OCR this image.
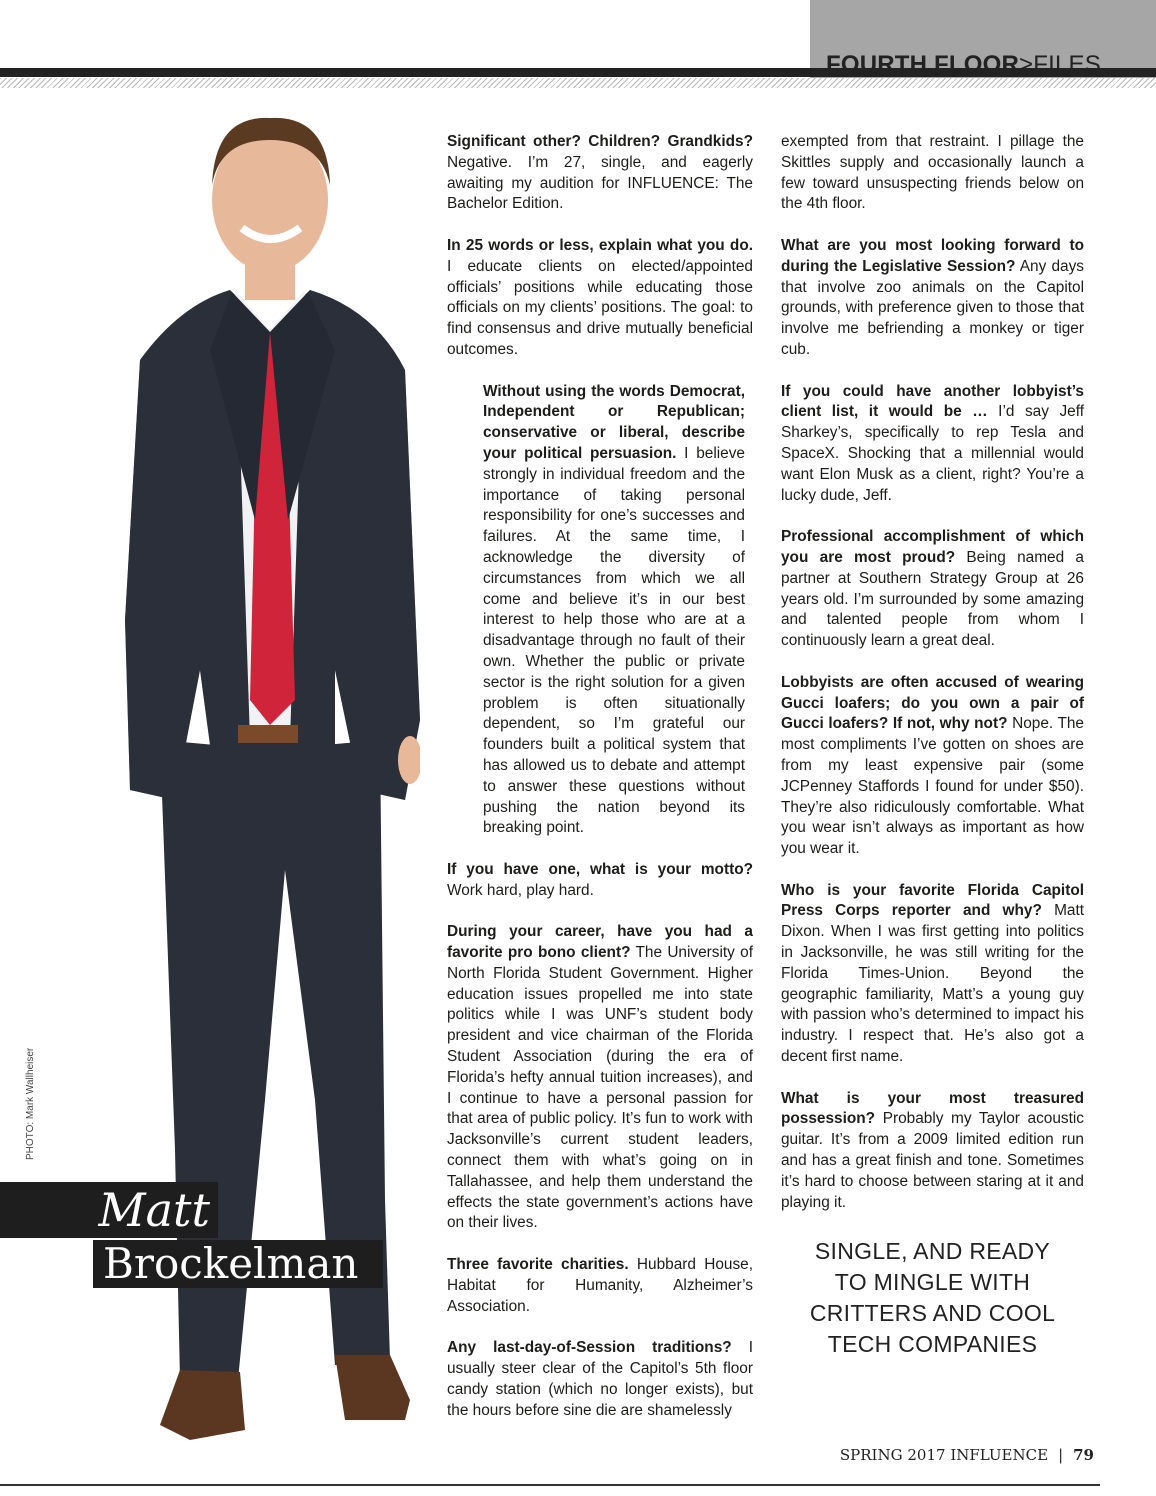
FOURTH FLOOR>FILES
PHOTO: Mark Wallheiser
Matt
Brockelman

Significant other? Children? Grandkids? Negative. I’m 27, single, and eagerly awaiting my audition for INFLUENCE: The Bachelor Edition.

In 25 words or less, explain what you do. I educate clients on elected/appointed officials’ positions while educating those officials on my clients’ positions. The goal: to find consensus and drive mutually beneficial outcomes.

Without using the words Democrat, Independent or Republican; conservative or liberal, describe your political persuasion. I believe strongly in individual freedom and the importance of taking personal responsibility for one’s successes and failures. At the same time, I acknowledge the diversity of circumstances from which we all come and believe it’s in our best interest to help those who are at a disadvantage through no fault of their own. Whether the public or private sector is the right solution for a given problem is often situationally dependent, so I’m grateful our founders built a political system that has allowed us to debate and attempt to answer these questions without pushing the nation beyond its breaking point.

If you have one, what is your motto? Work hard, play hard.

During your career, have you had a favorite pro bono client? The University of North Florida Student Government. Higher education issues propelled me into state politics while I was UNF’s student body president and vice chairman of the Florida Student Association (during the era of Florida’s hefty annual tuition increases), and I continue to have a personal passion for that area of public policy. It’s fun to work with Jacksonville’s current student leaders, connect them with what’s going on in Tallahassee, and help them understand the effects the state government’s actions have on their lives.

Three favorite charities. Hubbard House, Habitat for Humanity, Alzheimer’s Association.

Any last-day-of-Session traditions? I usually steer clear of the Capitol’s 5th floor candy station (which no longer exists), but the hours before sine die are shamelessly

exempted from that restraint. I pillage the Skittles supply and occasionally launch a few toward unsuspecting friends below on the 4th floor.

What are you most looking forward to during the Legislative Session? Any days that involve zoo animals on the Capitol grounds, with preference given to those that involve me befriending a monkey or tiger cub.

If you could have another lobbyist’s client list, it would be … I’d say Jeff Sharkey’s, specifically to rep Tesla and SpaceX. Shocking that a millennial would want Elon Musk as a client, right? You’re a lucky dude, Jeff.

Professional accomplishment of which you are most proud? Being named a partner at Southern Strategy Group at 26 years old. I’m surrounded by some amazing and talented people from whom I continuously learn a great deal.

Lobbyists are often accused of wearing Gucci loafers; do you own a pair of Gucci loafers? If not, why not? Nope. The most compliments I’ve gotten on shoes are from my least expensive pair (some JCPenney Staffords I found for under $50). They’re also ridiculously comfortable. What you wear isn’t always as important as how you wear it.

Who is your favorite Florida Capitol Press Corps reporter and why? Matt Dixon. When I was first getting into politics in Jacksonville, he was still writing for the Florida Times-Union. Beyond the geographic familiarity, Matt’s a young guy with passion who’s determined to impact his industry. I respect that. He’s also got a decent first name.

What is your most treasured possession? Probably my Taylor acoustic guitar. It’s from a 2009 limited edition run and has a great finish and tone. Sometimes it’s hard to choose between staring at it and playing it.

SINGLE, AND READY TO MINGLE WITH CRITTERS AND COOL TECH COMPANIES
SPRING 2017 INFLUENCE | 79
